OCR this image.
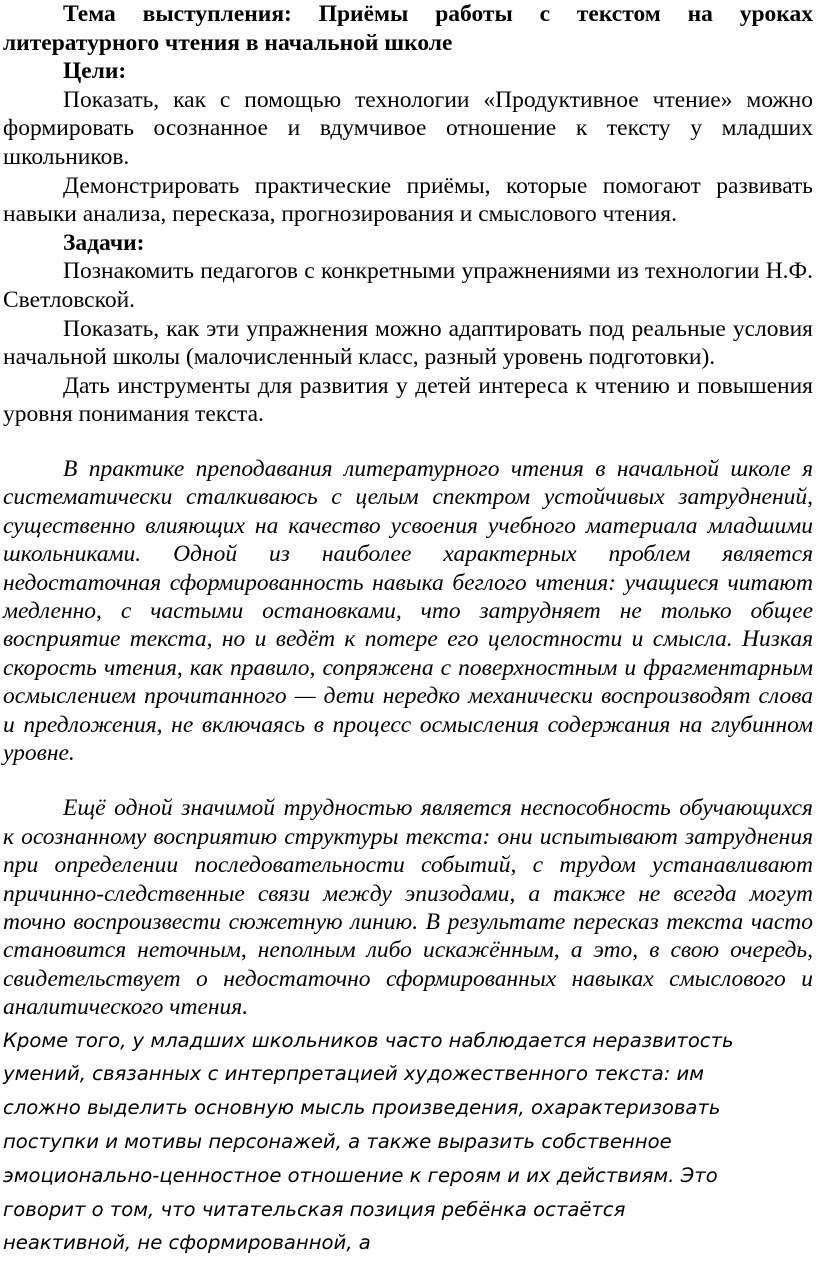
Тема выступления: Приёмы работы с текстом на уроках литературного чтения в начальной школе

Цели:

Показать, как с помощью технологии «Продуктивное чтение» можно формировать осознанное и вдумчивое отношение к тексту у младших школьников.

Демонстрировать практические приёмы, которые помогают развивать навыки анализа, пересказа, прогнозирования и смыслового чтения.

Задачи:

Познакомить педагогов с конкретными упражнениями из технологии Н.Ф. Светловской.

Показать, как эти упражнения можно адаптировать под реальные условия начальной школы (малочисленный класс, разный уровень подготовки).

Дать инструменты для развития у детей интереса к чтению и повышения уровня понимания текста.

В практике преподавания литературного чтения в начальной школе я систематически сталкиваюсь с целым спектром устойчивых затруднений, существенно влияющих на качество усвоения учебного материала младшими школьниками. Одной из наиболее характерных проблем является недостаточная сформированность навыка беглого чтения: учащиеся читают медленно, с частыми остановками, что затрудняет не только общее восприятие текста, но и ведёт к потере его целостности и смысла. Низкая скорость чтения, как правило, сопряжена с поверхностным и фрагментарным осмыслением прочитанного — дети нередко механически воспроизводят слова и предложения, не включаясь в процесс осмысления содержания на глубинном уровне.

Ещё одной значимой трудностью является неспособность обучающихся к осознанному восприятию структуры текста: они испытывают затруднения при определении последовательности событий, с трудом устанавливают причинно-следственные связи между эпизодами, а также не всегда могут точно воспроизвести сюжетную линию. В результате пересказ текста часто становится неточным, неполным либо искажённым, а это, в свою очередь, свидетельствует о недостаточно сформированных навыках смыслового и аналитического чтения.

Кроме того, у младших школьников часто наблюдается неразвитость
умений, связанных с интерпретацией художественного текста: им
сложно выделить основную мысль произведения, охарактеризовать
поступки и мотивы персонажей, а также выразить собственное
эмоционально-ценностное отношение к героям и их действиям. Это
говорит о том, что читательская позиция ребёнка остаётся
неактивной, не сформированной, а
